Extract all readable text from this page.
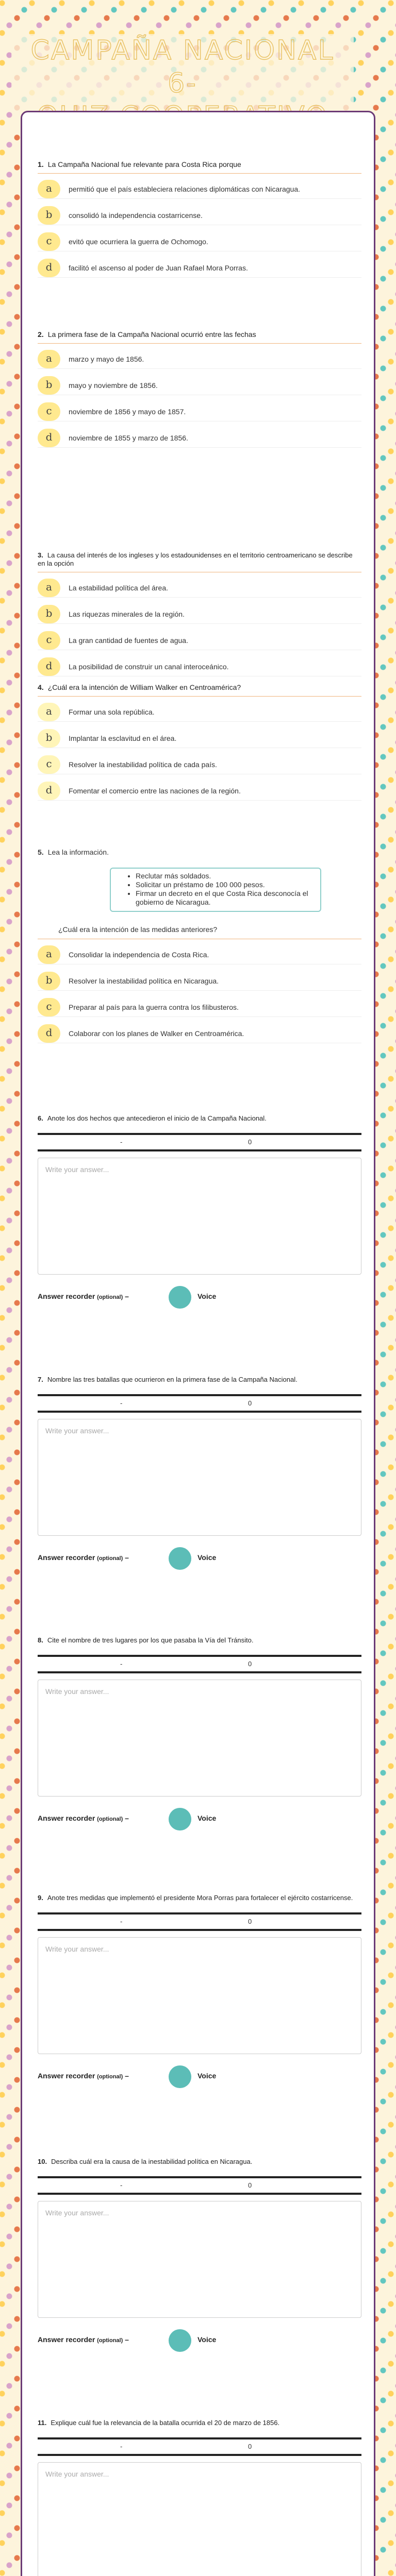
CAMPAÑA NACIONAL 6-
1. La Campaña Nacional fue relevante para Costa Rica porque
a	permitió que el país estableciera relaciones diplomáticas con Nicaragua.
b	consolidó la independencia costarricense.
c	evitó que ocurriera la guerra de Ochomogo.
d	facilitó el ascenso al poder de Juan Rafael Mora Porras.
2. La primera fase de la Campaña Nacional ocurrió entre las fechas
a	marzo y mayo de 1856.
b	mayo y noviembre de 1856.
c	noviembre de 1856 y mayo de 1857.
d	noviembre de 1855 y marzo de 1856.
3. La causa del interés de los ingleses y los estadounidenses en el territorio centroamericano se describe en la opción
a	La estabilidad política del área.
b	Las riquezas minerales de la región.
c	La gran cantidad de fuentes de agua.
d	La posibilidad de construir un canal interoceánico.
4. ¿Cuál era la intención de William Walker en Centroamérica?
a	Formar una sola república.
b	Implantar la esclavitud en el área.
c	Resolver la inestabilidad política de cada país.
d	Fomentar el comercio entre las naciones de la región.
5. Lea la información.
• Reclutar más soldados.
• Solicitar un préstamo de 100 000 pesos.
• Firmar un decreto en el que Costa Rica desconocía el gobierno de Nicaragua.
¿Cuál era la intención de las medidas anteriores?
a	Consolidar la independencia de Costa Rica.
b	Resolver la inestabilidad política en Nicaragua.
c	Preparar al país para la guerra contra los filibusteros.
d	Colaborar con los planes de Walker en Centroamérica.
6. Anote los dos hechos que antecedieron el inicio de la Campaña Nacional.
-	0
Write your answer...
Answer recorder (optional) –	Voice
7. Nombre las tres batallas que ocurrieron en la primera fase de la Campaña Nacional.
-	0
Write your answer...
Answer recorder (optional) –	Voice
8. Cite el nombre de tres lugares por los que pasaba la Vía del Tránsito.
-	0
Write your answer...
Answer recorder (optional) –	Voice
9. Anote tres medidas que implementó el presidente Mora Porras para fortalecer el ejército costarricense.
-	0
Write your answer...
Answer recorder (optional) –	Voice
10. Describa cuál era la causa de la inestabilidad política en Nicaragua.
-	0
Write your answer...
Answer recorder (optional) –	Voice
11. Explique cuál fue la relevancia de la batalla ocurrida el 20 de marzo de 1856.
-	0
Write your answer...
